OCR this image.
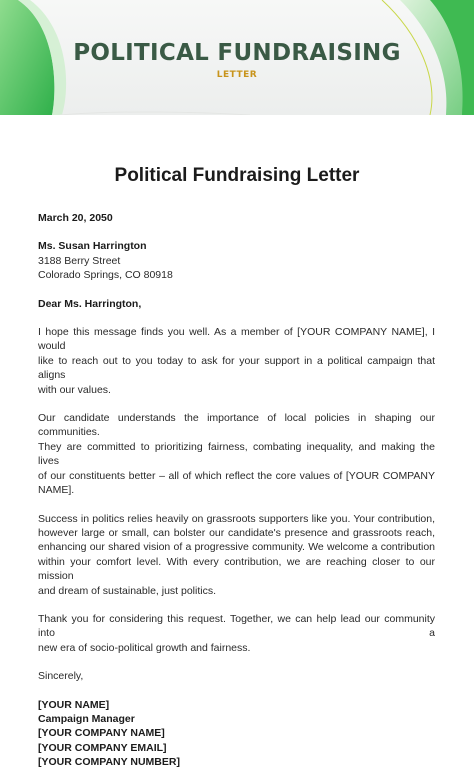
POLITICAL FUNDRAISING
LETTER
Political Fundraising Letter
March 20, 2050
Ms. Susan Harrington
3188 Berry Street
Colorado Springs, CO 80918
Dear Ms. Harrington,
I hope this message finds you well. As a member of [YOUR COMPANY NAME], I would
like to reach out to you today to ask for your support in a political campaign that aligns
with our values.
Our candidate understands the importance of local policies in shaping our communities.
They are committed to prioritizing fairness, combating inequality, and making the lives
of our constituents better – all of which reflect the core values of [YOUR COMPANY
NAME].
Success in politics relies heavily on grassroots supporters like you. Your contribution,
however large or small, can bolster our candidate's presence and grassroots reach,
enhancing our shared vision of a progressive community. We welcome a contribution
within your comfort level. With every contribution, we are reaching closer to our mission
and dream of sustainable, just politics.
Thank you for considering this request. Together, we can help lead our community into a
new era of socio-political growth and fairness.
Sincerely,
[YOUR NAME]
Campaign Manager
[YOUR COMPANY NAME]
[YOUR COMPANY EMAIL]
[YOUR COMPANY NUMBER]
